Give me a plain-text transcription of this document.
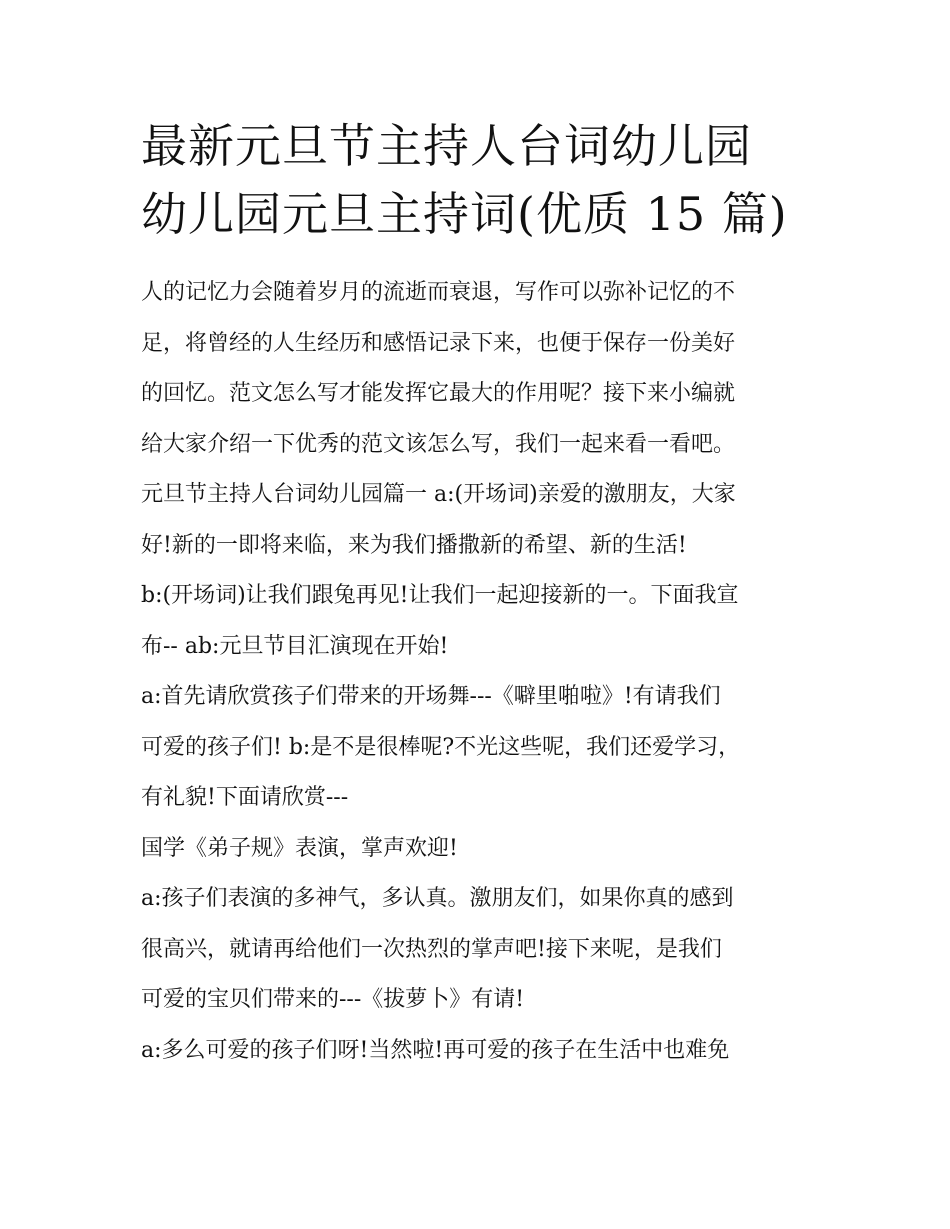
最新元旦节主持人台词幼儿园
幼儿园元旦主持词(优质 15 篇)

人的记忆力会随着岁月的流逝而衰退，写作可以弥补记忆的不

足，将曾经的人生经历和感悟记录下来，也便于保存一份美好

的回忆。范文怎么写才能发挥它最大的作用呢？接下来小编就

给大家介绍一下优秀的范文该怎么写，我们一起来看一看吧。

元旦节主持人台词幼儿园篇一 a:(开场词)亲爱的激朋友，大家

好!新的一即将来临，来为我们播撒新的希望、新的生活!

b:(开场词)让我们跟兔再见!让我们一起迎接新的一。下面我宣

布-- ab:元旦节目汇演现在开始!

a:首先请欣赏孩子们带来的开场舞---《噼里啪啦》!有请我们

可爱的孩子们! b:是不是很棒呢?不光这些呢，我们还爱学习，

有礼貌!下面请欣赏---

国学《弟子规》表演，掌声欢迎!

a:孩子们表演的多神气，多认真。激朋友们，如果你真的感到

很高兴，就请再给他们一次热烈的掌声吧!接下来呢，是我们

可爱的宝贝们带来的---《拔萝卜》有请!

a:多么可爱的孩子们呀!当然啦!再可爱的孩子在生活中也难免
